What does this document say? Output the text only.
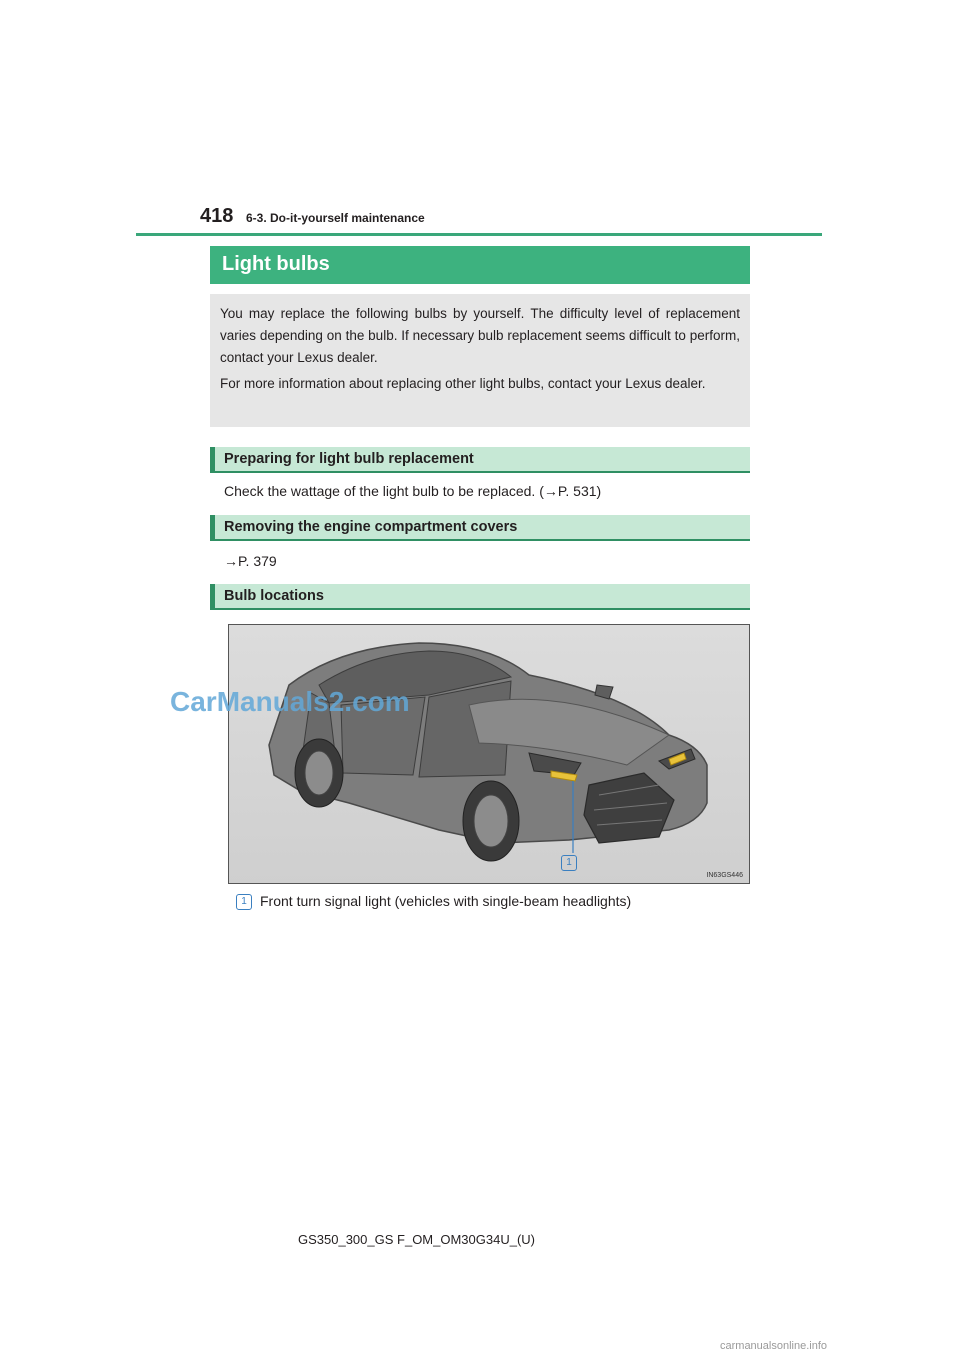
418 6-3. Do-it-yourself maintenance
Light bulbs

You may replace the following bulbs by yourself. The difficulty level of replacement varies depending on the bulb. If necessary bulb replacement seems difficult to perform, contact your Lexus dealer.

For more information about replacing other light bulbs, contact your Lexus dealer.

Preparing for light bulb replacement
Check the wattage of the light bulb to be replaced. (→P. 531)
Removing the engine compartment covers
→P. 379
Bulb locations
1
IN63GS446
1 Front turn signal light (vehicles with single-beam headlights)
CarManuals2.com
GS350_300_GS F_OM_OM30G34U_(U)
carmanualsonline.info
